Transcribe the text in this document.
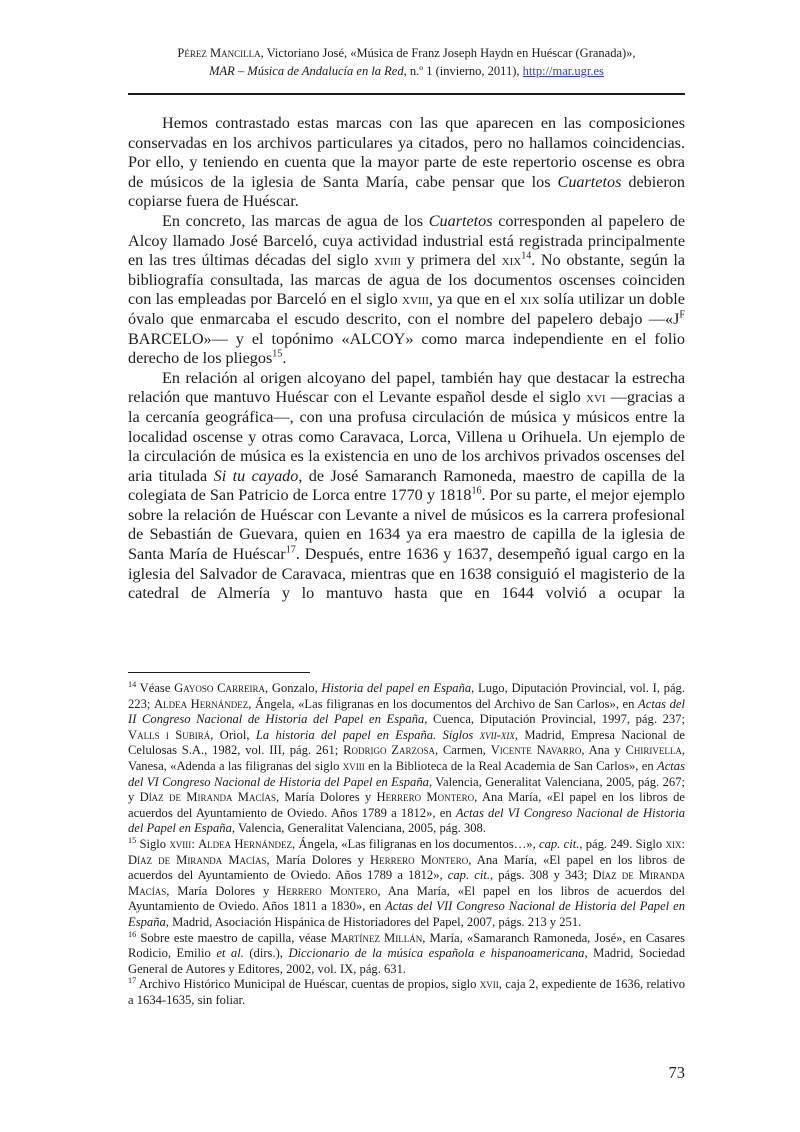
Pérez Mancilla, Victoriano José, «Música de Franz Joseph Haydn en Huéscar (Granada)»,
MAR – Música de Andalucía en la Red, n.º 1 (invierno, 2011), http://mar.ugr.es

Hemos contrastado estas marcas con las que aparecen en las composiciones conservadas en los archivos particulares ya citados, pero no hallamos coincidencias. Por ello, y teniendo en cuenta que la mayor parte de este repertorio oscense es obra de músicos de la iglesia de Santa María, cabe pensar que los Cuartetos debieron copiarse fuera de Huéscar.

En concreto, las marcas de agua de los Cuartetos corresponden al papelero de Alcoy llamado José Barceló, cuya actividad industrial está registrada principalmente en las tres últimas décadas del siglo xviii y primera del xix$^{14}$. No obstante, según la bibliografía consultada, las marcas de agua de los documentos oscenses coinciden con las empleadas por Barceló en el siglo xviii, ya que en el xix solía utilizar un doble óvalo que enmarcaba el escudo descrito, con el nombre del papelero debajo $—«J^F$ BARCELO»— y el topónimo «ALCOY» como marca independiente en el folio derecho de los pliegos$^{15}$.

En relación al origen alcoyano del papel, también hay que destacar la estrecha relación que mantuvo Huéscar con el Levante español desde el siglo xvi —gracias a la cercanía geográfica—, con una profusa circulación de música y músicos entre la localidad oscense y otras como Caravaca, Lorca, Villena u Orihuela. Un ejemplo de la circulación de música es la existencia en uno de los archivos privados oscenses del aria titulada Si tu cayado, de José Samaranch Ramoneda, maestro de capilla de la colegiata de San Patricio de Lorca entre 1770 y 1818$^{16}$. Por su parte, el mejor ejemplo sobre la relación de Huéscar con Levante a nivel de músicos es la carrera profesional de Sebastián de Guevara, quien en 1634 ya era maestro de capilla de la iglesia de Santa María de Huéscar$^{17}$. Después, entre 1636 y 1637, desempeñó igual cargo en la iglesia del Salvador de Caravaca, mientras que en 1638 consiguió el magisterio de la catedral de Almería y lo mantuvo hasta que en 1644 volvió a ocupar la

$^{14}$ Véase Gayoso Carreira, Gonzalo, Historia del papel en España, Lugo, Diputación Provincial, vol. I, pág. 223; Aldea Hernández, Ángela, «Las filigranas en los documentos del Archivo de San Carlos», en Actas del II Congreso Nacional de Historia del Papel en España, Cuenca, Diputación Provincial, 1997, pág. 237; Valls i Subirá, Oriol, La historia del papel en España. Siglos xvii-xix, Madrid, Empresa Nacional de Celulosas S.A., 1982, vol. III, pág. 261; Rodrigo Zarzosa, Carmen, Vicente Navarro, Ana y Chirivella, Vanesa, «Adenda a las filigranas del siglo xviii en la Biblioteca de la Real Academia de San Carlos», en Actas del VI Congreso Nacional de Historia del Papel en España, Valencia, Generalitat Valenciana, 2005, pág. 267; y Díaz de Miranda Macías, María Dolores y Herrero Montero, Ana María, «El papel en los libros de acuerdos del Ayuntamiento de Oviedo. Años 1789 a 1812», en Actas del VI Congreso Nacional de Historia del Papel en España, Valencia, Generalitat Valenciana, 2005, pág. 308.
$^{15}$ Siglo xviii: Aldea Hernández, Ángela, «Las filigranas en los documentos…», cap. cit., pág. 249. Siglo xix: Díaz de Miranda Macías, María Dolores y Herrero Montero, Ana María, «El papel en los libros de acuerdos del Ayuntamiento de Oviedo. Años 1789 a 1812», cap. cit., págs. 308 y 343; Díaz de Miranda Macías, María Dolores y Herrero Montero, Ana María, «El papel en los libros de acuerdos del Ayuntamiento de Oviedo. Años 1811 a 1830», en Actas del VII Congreso Nacional de Historia del Papel en España, Madrid, Asociación Hispánica de Historiadores del Papel, 2007, págs. 213 y 251.
$^{16}$ Sobre este maestro de capilla, véase Martínez Millán, María, «Samaranch Ramoneda, José», en Casares Rodicio, Emilio et al. (dirs.), Diccionario de la música española e hispanoamericana, Madrid, Sociedad General de Autores y Editores, 2002, vol. IX, pág. 631.
$^{17}$ Archivo Histórico Municipal de Huéscar, cuentas de propios, siglo xvii, caja 2, expediente de 1636, relativo a 1634-1635, sin foliar.
73
